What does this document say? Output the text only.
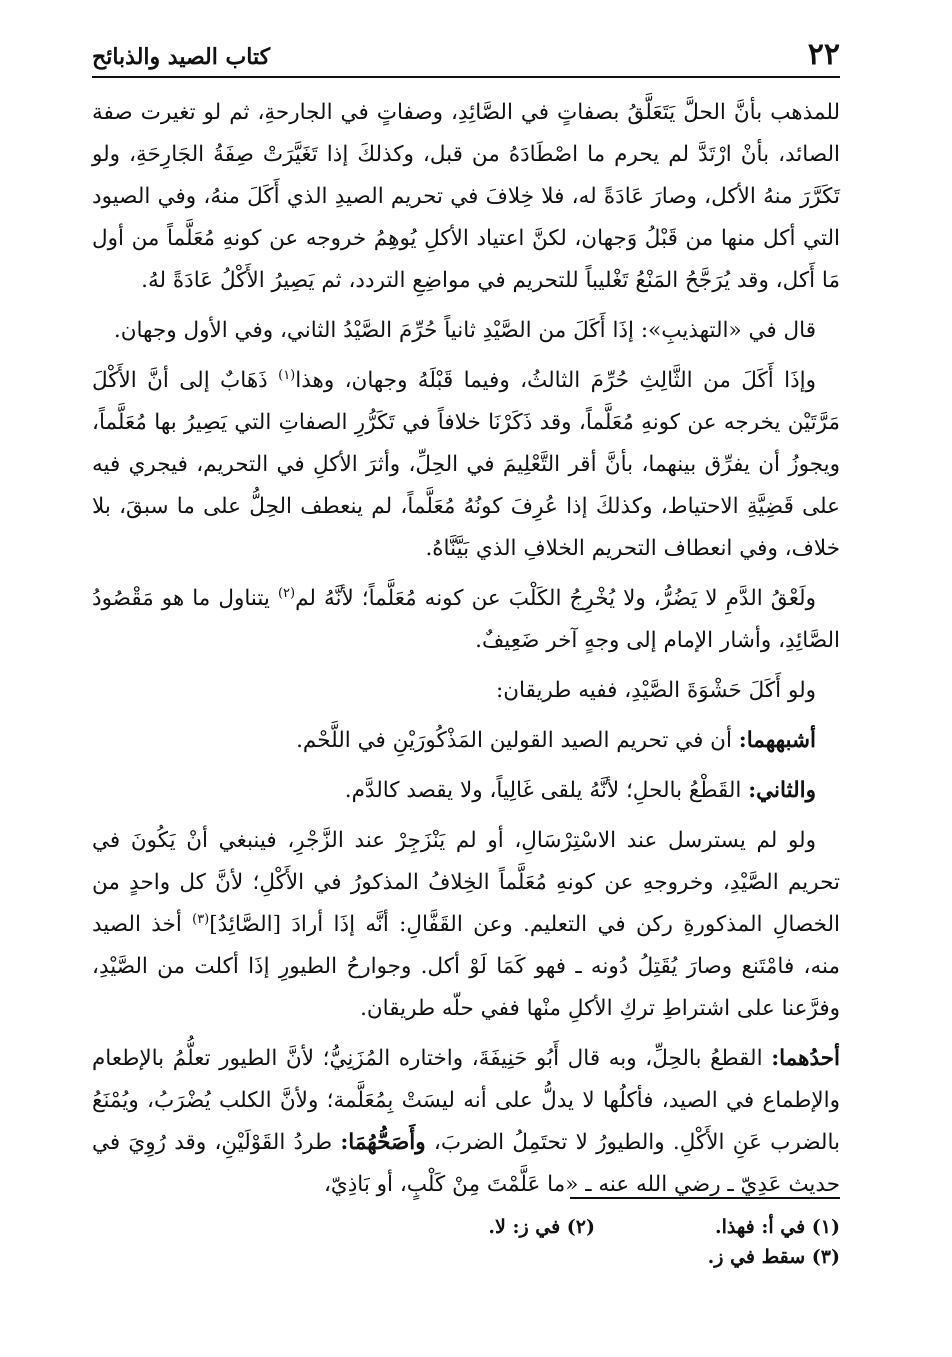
٢٢
كتاب الصيد والذبائح

للمذهب بأنَّ الحلَّ يَتَعَلَّقُ بصفاتٍ في الصَّائِدِ، وصفاتٍ في الجارحةِ، ثم لو تغيرت صفة الصائد، بأنْ ارْتَدَّ لم يحرم ما اصْطَادَهُ من قبل، وكذلكَ إذا تَغَيَّرَتْ صِفَةُ الجَارِحَةِ، ولو تَكَرَّرَ منهُ الأكل، وصارَ عَادَةً له، فلا خِلافَ في تحريم الصيدِ الذي أَكَلَ منهُ، وفي الصيود التي أكل منها من قَبْلُ وَجهان، لكنَّ اعتياد الأكلِ يُوهِمُ خروجه عن كونهِ مُعَلَّماً من أول مَا أَكل، وقد يُرَجَّحُ المَنْعُ تَغْليباً للتحريم في مواضِعِ التردد، ثم يَصِيرُ الأَكْلُ عَادَةً لهُ.

قال في «التهذيبِ»: إذَا أَكَلَ من الصَّيْدِ ثانياً حُرِّمَ الصَّيْدُ الثاني، وفي الأول وجهان.

وإذَا أَكَلَ من الثَّالِثِ حُرِّمَ الثالثُ، وفيما قَبْلَهُ وجهان، وهذا$^{(١)}$ ذَهَابٌ إلى أنَّ الأَكْلَ مَرَّتَيْن يخرجه عن كونهِ مُعَلَّماً، وقد ذَكَرْنَا خلافاً في تَكَرُّرِ الصفاتِ التي يَصِيرُ بها مُعَلَّماً، ويجوزُ أن يفرِّق بينهما، بأنَّ أقر التَّعْلِيمَ في الحِلِّ، وأثرَ الأكلِ في التحريم، فيجري فيه على قَضِيَّةِ الاحتياط، وكذلكَ إذا عُرِفَ كونُهُ مُعَلَّماً، لم ينعطف الحِلُّ على ما سبقَ، بلا خلاف، وفي انعطاف التحريم الخلافِ الذي بَيَّنَّاهُ.

ولَعْقُ الدَّمِ لا يَضُرُّ، ولا يُخْرِجُ الكَلْبَ عن كونه مُعَلَّماً؛ لأنَّهُ لم$^{(٢)}$ يتناول ما هو مَقْصُودُ الصَّائِدِ، وأشار الإمام إلى وجهٍ آخر ضَعِيفٌ.

ولو أَكَلَ حَشْوَةَ الصَّيْدِ، ففيه طريقان:

أشبههما: أن في تحريم الصيد القولين المَذْكُورَيْنِ في اللَّحْم.

والثاني: القَطْعُ بالحلِ؛ لأنَّهُ يلقى غَالِياً، ولا يقصد كالدَّم.

ولو لم يسترسل عند الاسْتِرْسَالِ، أو لم يَنْزَجِرْ عند الزَّجْرِ، فينبغي أنْ يَكُونَ في تحريم الصَّيْدِ، وخروجهِ عن كونهِ مُعَلَّماً الخِلافُ المذكورُ في الأَكْلِ؛ لأنَّ كل واحدٍ من الخصالِ المذكورةِ ركن في التعليم. وعن القَفَّالِ: أنَّه إذَا أرادَ [الصَّائِدُ]$^{(٣)}$ أخذ الصيد منه، فامْتَنع وصارَ يُقَتِلُ دُونه ـ فهو كَمَا لَوْ أكل. وجوارحُ الطيورِ إذَا أكلت من الصَّيْدِ، وفرَّعنا على اشتراطِ تركِ الأكلِ منْها ففي حلّه طريقان.

أحدُهما: القطعُ بالحِلِّ، وبه قال أَبُو حَنِيفَةَ، واختاره المُزَنِيُّ؛ لأنَّ الطيور تعلُّمُ بالإطعام والإطماع في الصيد، فأكلُها لا يدلُّ على أنه ليسَتْ بِمُعَلَّمة؛ ولأنَّ الكلب يُضْرَبُ، ويُمْنَعُ بالضرب عَنِ الأَكْلِ. والطيورُ لا تحتَمِلُ الضربَ، وأَصَحُّهُمَا: طردُ القَوْلَيْنِ، وقد رُوِيَ في حديث عَدِيّ ـ رضي الله عنه ـ «ما عَلَّمْتَ مِنْ كَلْبٍ، أو بَاذِيّ،

(١) في أ: فهذا.
(٢) في ز: لا.
(٣) سقط في ز.
